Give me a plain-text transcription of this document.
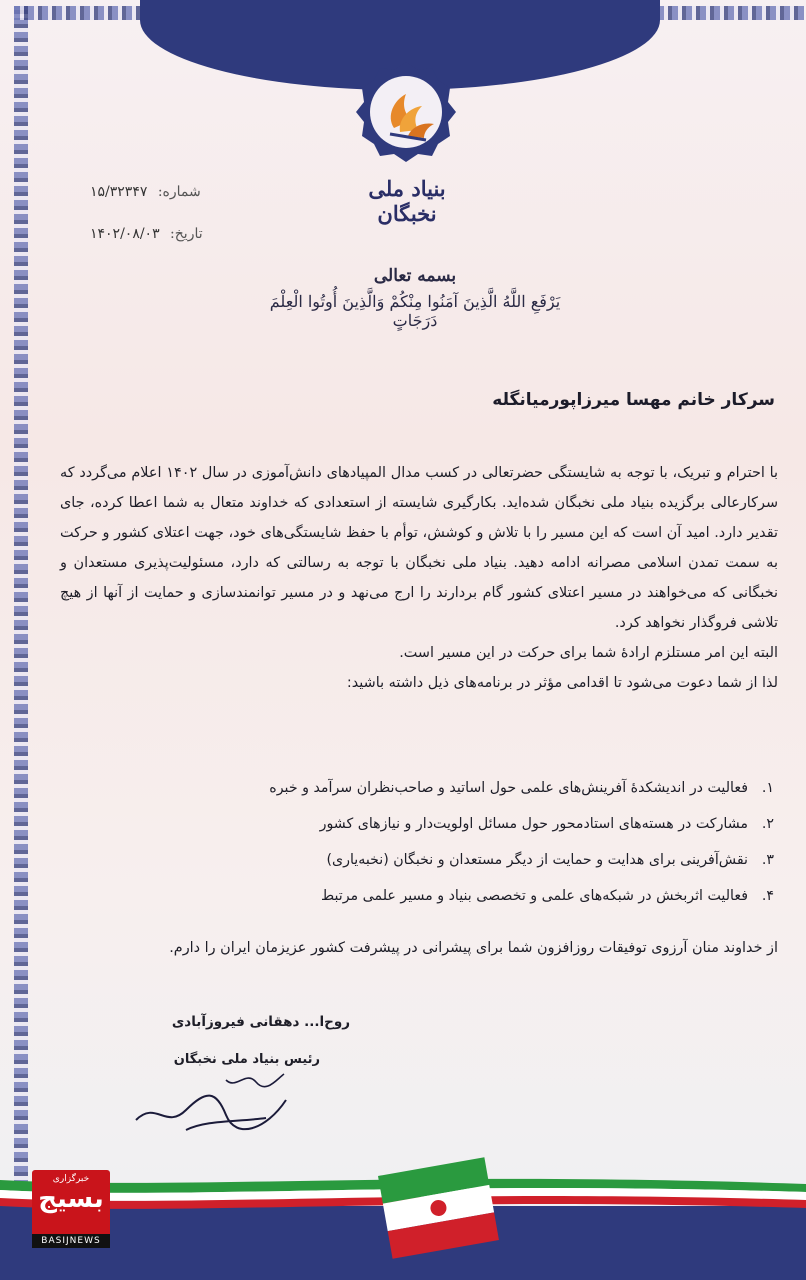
بنیاد ملی نخبگان
شماره: ۱۵/۳۲۳۴۷
تاریخ: ۱۴۰۲/۰۸/۰۳
بسمه تعالی
يَرْفَعِ اللَّهُ الَّذِينَ آمَنُوا مِنْكُمْ وَالَّذِينَ أُوتُوا الْعِلْمَ دَرَجَاتٍ
سرکار خانم مهسا میرزاپورمیانگله

با احترام و تبریک، با توجه به شایستگی حضرتعالی در کسب مدال المپیادهای دانش‌آموزی در سال ۱۴۰۲ اعلام می‌گردد که سرکارعالی برگزیده بنیاد ملی نخبگان شده‌اید. بکارگیری شایسته از استعدادی که خداوند متعال به شما اعطا کرده، جای تقدیر دارد. امید آن است که این مسیر را با تلاش و کوشش، توأم با حفظ شایستگی‌های خود، جهت اعتلای کشور و حرکت به سمت تمدن اسلامی مصرانه ادامه دهید. بنیاد ملی نخبگان با توجه به رسالتی که دارد، مسئولیت‌پذیری مستعدان و نخبگانی که می‌خواهند در مسیر اعتلای کشور گام بردارند را ارج می‌نهد و در مسیر توانمندسازی و حمایت از آنها از هیچ تلاشی فروگذار نخواهد کرد.

البته این امر مستلزم ارادهٔ شما برای حرکت در این مسیر است.

لذا از شما دعوت می‌شود تا اقدامی مؤثر در برنامه‌های ذیل داشته باشید:

۱.
فعالیت در اندیشکدهٔ آفرینش‌های علمی حول اساتید و صاحب‌نظران سرآمد و خبره
۲.
مشارکت در هسته‌های استادمحور حول مسائل اولویت‌دار و نیازهای کشور
۳.
نقش‌آفرینی برای هدایت و حمایت از دیگر مستعدان و نخبگان (نخبه‌یاری)
۴.
فعالیت اثربخش در شبکه‌های علمی و تخصصی بنیاد و مسیر علمی مرتبط
از خداوند منان آرزوی توفیقات روزافزون شما برای پیشرانی در پیشرفت کشور عزیزمان ایران را دارم.
روح‌ا... دهقانی فیروزآبادی
رئیس بنیاد ملی نخبگان
خبرگزاری
بسیج
BASIJNEWS
